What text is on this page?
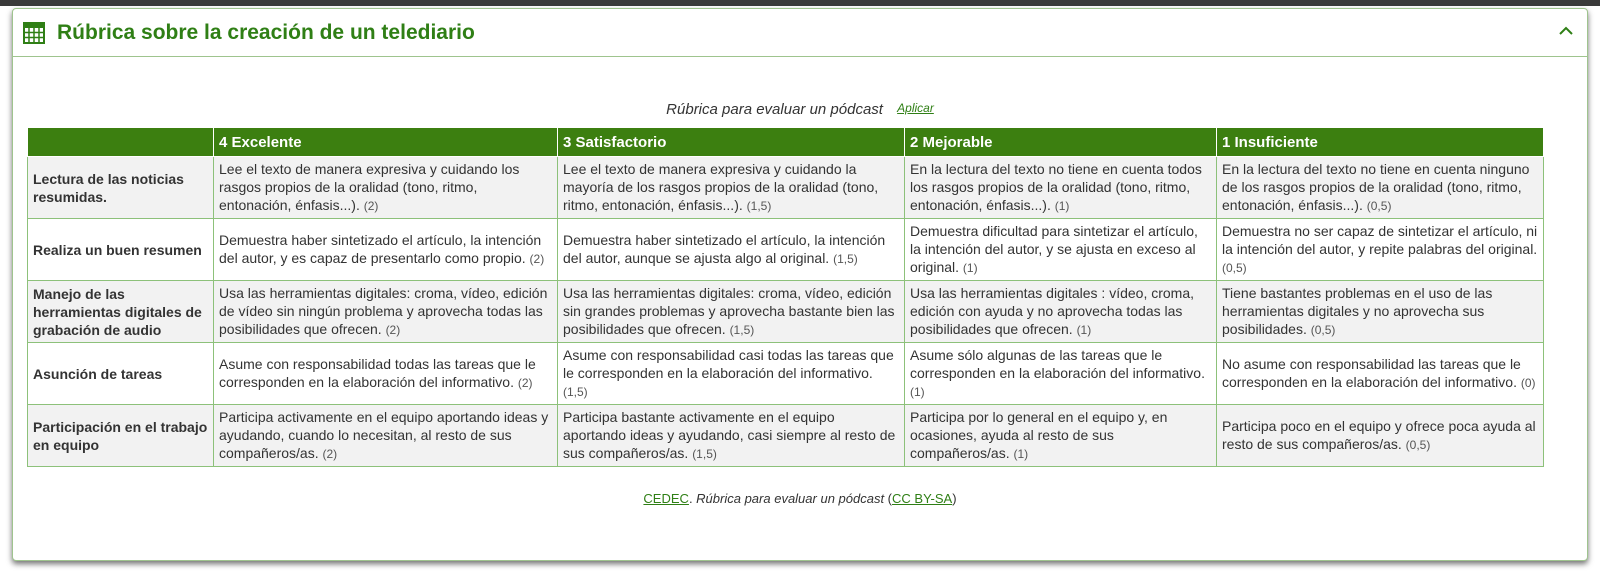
Rúbrica sobre la creación de un telediario
Rúbrica para evaluar un pódcast Aplicar
	4 Excelente	3 Satisfactorio	2 Mejorable	1 Insuficiente
Lectura de las noticias resumidas.	Lee el texto de manera expresiva y cuidando los rasgos propios de la oralidad (tono, ritmo, entonación, énfasis...). (2)	Lee el texto de manera expresiva y cuidando la mayoría de los rasgos propios de la oralidad (tono, ritmo, entonación, énfasis...). (1,5)	En la lectura del texto no tiene en cuenta todos los rasgos propios de la oralidad (tono, ritmo, entonación, énfasis...). (1)	En la lectura del texto no tiene en cuenta ninguno de los rasgos propios de la oralidad (tono, ritmo, entonación, énfasis...). (0,5)
Realiza un buen resumen	Demuestra haber sintetizado el artículo, la intención del autor, y es capaz de presentarlo como propio. (2)	Demuestra haber sintetizado el artículo, la intención del autor, aunque se ajusta algo al original. (1,5)	Demuestra dificultad para sintetizar el artículo, la intención del autor, y se ajusta en exceso al original. (1)	Demuestra no ser capaz de sintetizar el artículo, ni la intención del autor, y repite palabras del original. (0,5)
Manejo de las herramientas digitales de grabación de audio	Usa las herramientas digitales: croma, vídeo, edición de vídeo sin ningún problema y aprovecha todas las posibilidades que ofrecen. (2)	Usa las herramientas digitales: croma, vídeo, edición sin grandes problemas y aprovecha bastante bien las posibilidades que ofrecen. (1,5)	Usa las herramientas digitales : vídeo, croma, edición con ayuda y no aprovecha todas las posibilidades que ofrecen. (1)	Tiene bastantes problemas en el uso de las herramientas digitales y no aprovecha sus posibilidades. (0,5)
Asunción de tareas	Asume con responsabilidad todas las tareas que le corresponden en la elaboración del informativo. (2)	Asume con responsabilidad casi todas las tareas que le corresponden en la elaboración del informativo. (1,5)	Asume sólo algunas de las tareas que le corresponden en la elaboración del informativo. (1)	No asume con responsabilidad las tareas que le corresponden en la elaboración del informativo. (0)
Participación en el trabajo en equipo	Participa activamente en el equipo aportando ideas y ayudando, cuando lo necesitan, al resto de sus compañeros/as. (2)	Participa bastante activamente en el equipo aportando ideas y ayudando, casi siempre al resto de sus compañeros/as. (1,5)	Participa por lo general en el equipo y, en ocasiones, ayuda al resto de sus compañeros/as. (1)	Participa poco en el equipo y ofrece poca ayuda al resto de sus compañeros/as. (0,5)
CEDEC. Rúbrica para evaluar un pódcast (CC BY-SA)
